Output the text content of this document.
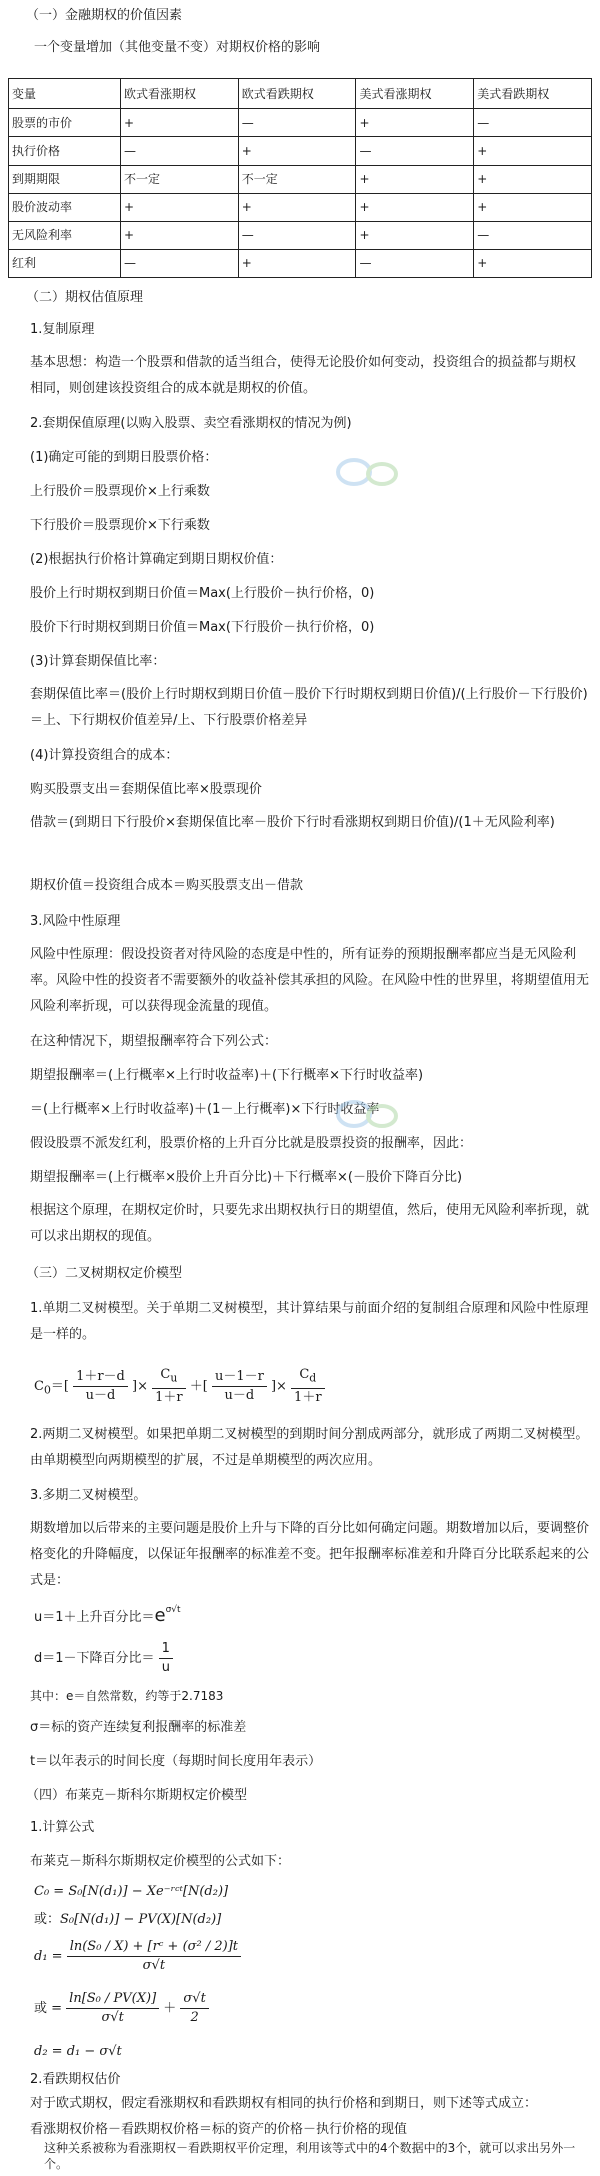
（一）金融期权的价值因素

一个变量增加（其他变量不变）对期权价格的影响

变量	欧式看涨期权	欧式看跌期权	美式看涨期权	美式看跌期权
股票的市价	+	—	+	—
执行价格	—	+	—	+
到期期限	不一定	不一定	+	+
股价波动率	+	+	+	+
无风险利率	+	—	+	—
红利	—	+	—	+

（二）期权估值原理

1.复制原理

基本思想：构造一个股票和借款的适当组合，使得无论股价如何变动，投资组合的损益都与期权相同，则创建该投资组合的成本就是期权的价值。

2.套期保值原理(以购入股票、卖空看涨期权的情况为例)

(1)确定可能的到期日股票价格：

上行股价＝股票现价×上行乘数

下行股价＝股票现价×下行乘数

(2)根据执行价格计算确定到期日期权价值：

股价上行时期权到期日价值＝Max(上行股价－执行价格，0)

股价下行时期权到期日价值＝Max(下行股价－执行价格，0)

(3)计算套期保值比率：

套期保值比率＝(股价上行时期权到期日价值－股价下行时期权到期日价值)/(上行股价－下行股价)＝上、下行期权价值差异/上、下行股票价格差异

(4)计算投资组合的成本：

购买股票支出＝套期保值比率×股票现价

借款＝(到期日下行股价×套期保值比率－股价下行时看涨期权到期日价值)/(1＋无风险利率)

期权价值＝投资组合成本＝购买股票支出－借款

3.风险中性原理

风险中性原理：假设投资者对待风险的态度是中性的，所有证券的预期报酬率都应当是无风险利率。风险中性的投资者不需要额外的收益补偿其承担的风险。在风险中性的世界里，将期望值用无风险利率折现，可以获得现金流量的现值。

在这种情况下，期望报酬率符合下列公式：

期望报酬率＝(上行概率×上行时收益率)＋(下行概率×下行时收益率)

＝(上行概率×上行时收益率)＋(1－上行概率)×下行时收益率

假设股票不派发红利，股票价格的上升百分比就是股票投资的报酬率，因此：

期望报酬率＝(上行概率×股价上升百分比)＋下行概率×(－股价下降百分比)

根据这个原理，在期权定价时，只要先求出期权执行日的期望值，然后，使用无风险利率折现，就可以求出期权的现值。

（三）二叉树期权定价模型

1.单期二叉树模型。关于单期二叉树模型，其计算结果与前面介绍的复制组合原理和风险中性原理是一样的。

$C_0=[ \frac{1+r-d}{u-d}$ ]× $\frac{C_u}{1+r}$ ＋[ $\frac{u-1-r}{u-d}$ ]× $\frac{C_d}{1+r}$

2.两期二叉树模型。如果把单期二叉树模型的到期时间分割成两部分，就形成了两期二叉树模型。由单期模型向两期模型的扩展，不过是单期模型的两次应用。

3.多期二叉树模型。

期数增加以后带来的主要问题是股价上升与下降的百分比如何确定问题。期数增加以后，要调整价格变化的升降幅度，以保证年报酬率的标准差不变。把年报酬率标准差和升降百分比联系起来的公式是：

u＝1＋上升百分比$=e^{\sigma√t}$
d＝1－下降百分比＝ $\frac{1}{u}$

其中：e＝自然常数，约等于2.7183

σ＝标的资产连续复利报酬率的标准差

t＝以年表示的时间长度（每期时间长度用年表示）

（四）布莱克－斯科尔斯期权定价模型

1.计算公式

布莱克－斯科尔斯期权定价模型的公式如下：

C₀ = S₀[N(d₁)] − Xe⁻ʳᶜᵗ[N(d₂)]
或：S₀[N(d₁)] − PV(X)[N(d₂)]
$d_1 = \frac{\text{ln(S₀ / X) + [rᶜ + (σ² / 2)]t}}{\sigma√t}$
或 = $\frac{\text{ln[S₀ / PV(X)]}}{\sigma√t} + \frac{\sigma√t}{2}$
d₂ = d₁ − σ√t

2.看跌期权估价

对于欧式期权，假定看涨期权和看跌期权有相同的执行价格和到期日，则下述等式成立：

看涨期权价格－看跌期权价格＝标的资产的价格－执行价格的现值

这种关系被称为看涨期权－看跌期权平价定理，利用该等式中的4个数据中的3个，就可以求出另外一个。
